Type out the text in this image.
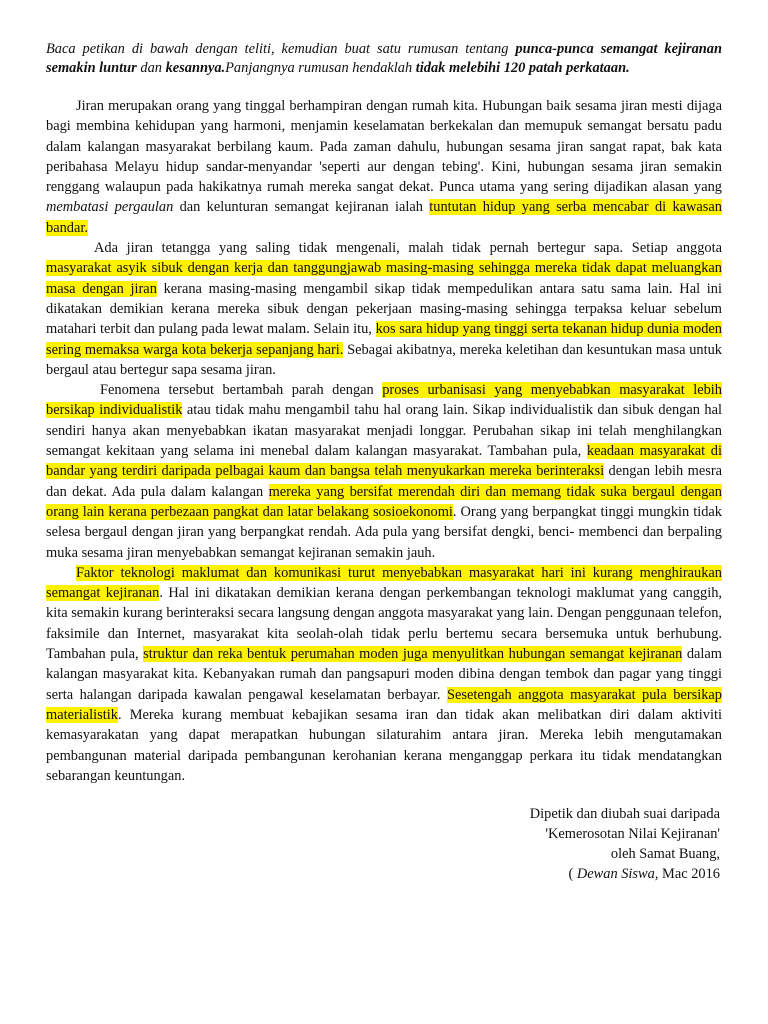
Baca petikan di bawah dengan teliti, kemudian buat satu rumusan tentang punca-punca semangat kejiranan semakin luntur dan kesannya.Panjangnya rumusan hendaklah tidak melebihi 120 patah perkataan.

Jiran merupakan orang yang tinggal berhampiran dengan rumah kita. Hubungan baik sesama jiran mesti dijaga bagi membina kehidupan yang harmoni, menjamin keselamatan berkekalan dan memupuk semangat bersatu padu dalam kalangan masyarakat berbilang kaum. Pada zaman dahulu, hubungan sesama jiran sangat rapat, bak kata peribahasa Melayu hidup sandar-menyandar 'seperti aur dengan tebing'. Kini, hubungan sesama jiran semakin renggang walaupun pada hakikatnya rumah mereka sangat dekat. Punca utama yang sering dijadikan alasan yang membatasi pergaulan dan kelunturan semangat kejiranan ialah tuntutan hidup yang serba mencabar di kawasan bandar.

Ada jiran tetangga yang saling tidak mengenali, malah tidak pernah bertegur sapa. Setiap anggota masyarakat asyik sibuk dengan kerja dan tanggungjawab masing-masing sehingga mereka tidak dapat meluangkan masa dengan jiran kerana masing-masing mengambil sikap tidak mempedulikan antara satu sama lain. Hal ini dikatakan demikian kerana mereka sibuk dengan pekerjaan masing-masing sehingga terpaksa keluar sebelum matahari terbit dan pulang pada lewat malam. Selain itu, kos sara hidup yang tinggi serta tekanan hidup dunia moden sering memaksa warga kota bekerja sepanjang hari. Sebagai akibatnya, mereka keletihan dan kesuntukan masa untuk bergaul atau bertegur sapa sesama jiran.

Fenomena tersebut bertambah parah dengan proses urbanisasi yang menyebabkan masyarakat lebih bersikap individualistik atau tidak mahu mengambil tahu hal orang lain. Sikap individualistik dan sibuk dengan hal sendiri hanya akan menyebabkan ikatan masyarakat menjadi longgar. Perubahan sikap ini telah menghilangkan semangat kekitaan yang selama ini menebal dalam kalangan masyarakat. Tambahan pula, keadaan masyarakat di bandar yang terdiri daripada pelbagai kaum dan bangsa telah menyukarkan mereka berinteraksi dengan lebih mesra dan dekat. Ada pula dalam kalangan mereka yang bersifat merendah diri dan memang tidak suka bergaul dengan orang lain kerana perbezaan pangkat dan latar belakang sosioekonomi. Orang yang berpangkat tinggi mungkin tidak selesa bergaul dengan jiran yang berpangkat rendah. Ada pula yang bersifat dengki, benci- membenci dan berpaling muka sesama jiran menyebabkan semangat kejiranan semakin jauh.

Faktor teknologi maklumat dan komunikasi turut menyebabkan masyarakat hari ini kurang menghiraukan semangat kejiranan. Hal ini dikatakan demikian kerana dengan perkembangan teknologi maklumat yang canggih, kita semakin kurang berinteraksi secara langsung dengan anggota masyarakat yang lain. Dengan penggunaan telefon, faksimile dan Internet, masyarakat kita seolah-olah tidak perlu bertemu secara bersemuka untuk berhubung. Tambahan pula, struktur dan reka bentuk perumahan moden juga menyulitkan hubungan semangat kejiranan dalam kalangan masyarakat kita. Kebanyakan rumah dan pangsapuri moden dibina dengan tembok dan pagar yang tinggi serta halangan daripada kawalan pengawal keselamatan berbayar. Sesetengah anggota masyarakat pula bersikap materialistik. Mereka kurang membuat kebajikan sesama iran dan tidak akan melibatkan diri dalam aktiviti kemasyarakatan yang dapat merapatkan hubungan silaturahim antara jiran. Mereka lebih mengutamakan pembangunan material daripada pembangunan kerohanian kerana menganggap perkara itu tidak mendatangkan sebarangan keuntungan.

Dipetik dan diubah suai daripada
'Kemerosotan Nilai Kejiranan'
oleh Samat Buang,
( Dewan Siswa, Mac 2016
